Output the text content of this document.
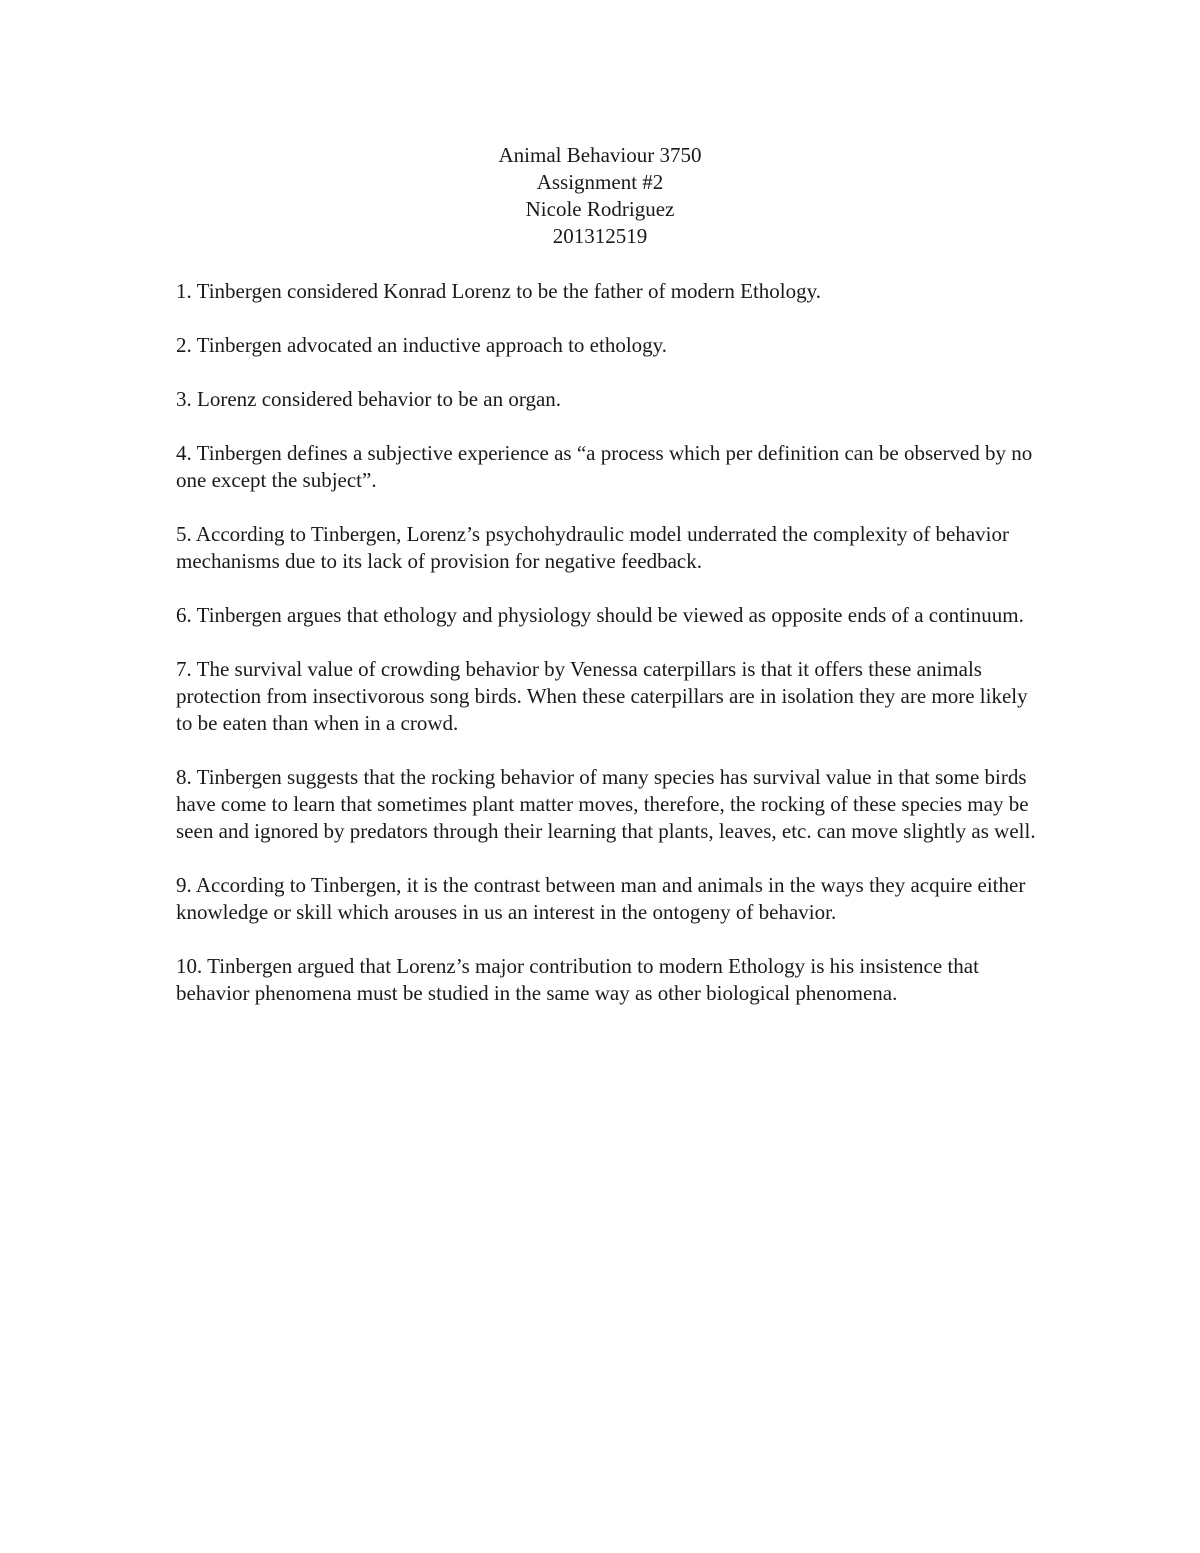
Animal Behaviour 3750
Assignment #2
Nicole Rodriguez
201312519
1. Tinbergen considered Konrad Lorenz to be the father of modern Ethology.
2. Tinbergen advocated an inductive approach to ethology.
3. Lorenz considered behavior to be an organ.
4. Tinbergen defines a subjective experience as “a process which per definition can be observed by no one except the subject”.
5. According to Tinbergen, Lorenz’s psychohydraulic model underrated the complexity of behavior mechanisms due to its lack of provision for negative feedback.
6. Tinbergen argues that ethology and physiology should be viewed as opposite ends of a continuum.
7. The survival value of crowding behavior by Venessa caterpillars is that it offers these animals protection from insectivorous song birds. When these caterpillars are in isolation they are more likely to be eaten than when in a crowd.
8. Tinbergen suggests that the rocking behavior of many species has survival value in that some birds have come to learn that sometimes plant matter moves, therefore, the rocking of these species may be seen and ignored by predators through their learning that plants, leaves, etc. can move slightly as well.
9. According to Tinbergen, it is the contrast between man and animals in the ways they acquire either knowledge or skill which arouses in us an interest in the ontogeny of behavior.
10. Tinbergen argued that Lorenz’s major contribution to modern Ethology is his insistence that behavior phenomena must be studied in the same way as other biological phenomena.
